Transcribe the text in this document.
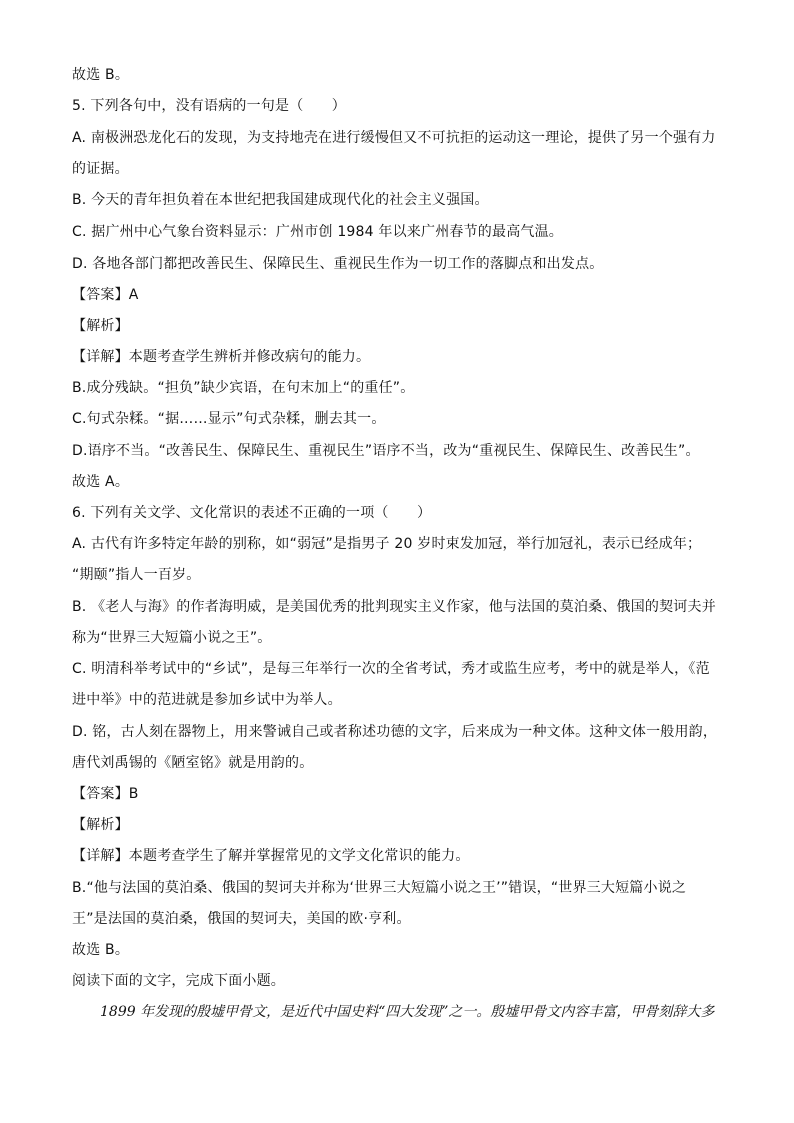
故选 B。
5. 下列各句中，没有语病的一句是（　　）
A. 南极洲恐龙化石的发现，为支持地壳在进行缓慢但又不可抗拒的运动这一理论，提供了另一个强有力
的证据。
B. 今天的青年担负着在本世纪把我国建成现代化的社会主义强国。
C. 据广州中心气象台资料显示：广州市创 1984 年以来广州春节的最高气温。
D. 各地各部门都把改善民生、保障民生、重视民生作为一切工作的落脚点和出发点。
【答案】A
【解析】
【详解】本题考查学生辨析并修改病句的能力。
B.成分残缺。“担负”缺少宾语，在句末加上“的重任”。
C.句式杂糅。“据……显示”句式杂糅，删去其一。
D.语序不当。“改善民生、保障民生、重视民生”语序不当，改为“重视民生、保障民生、改善民生”。
故选 A。
6. 下列有关文学、文化常识的表述不正确的一项（　　）
A. 古代有许多特定年龄的别称，如“弱冠”是指男子 20 岁时束发加冠，举行加冠礼，表示已经成年；
“期颐”指人一百岁。
B. 《老人与海》的作者海明威，是美国优秀的批判现实主义作家，他与法国的莫泊桑、俄国的契诃夫并
称为“世界三大短篇小说之王”。
C. 明清科举考试中的“乡试”，是每三年举行一次的全省考试，秀才或监生应考，考中的就是举人，《范
进中举》中的范进就是参加乡试中为举人。
D. 铭，古人刻在器物上，用来警诫自己或者称述功德的文字，后来成为一种文体。这种文体一般用韵，
唐代刘禹锡的《陋室铭》就是用韵的。
【答案】B
【解析】
【详解】本题考查学生了解并掌握常见的文学文化常识的能力。
B.“他与法国的莫泊桑、俄国的契诃夫并称为‘世界三大短篇小说之王’”错误，“世界三大短篇小说之
王”是法国的莫泊桑，俄国的契诃夫，美国的欧·亨利。
故选 B。
阅读下面的文字，完成下面小题。
1899 年发现的殷墟甲骨文，是近代中国史料“四大发现”之一。殷墟甲骨文内容丰富，甲骨刻辞大多
